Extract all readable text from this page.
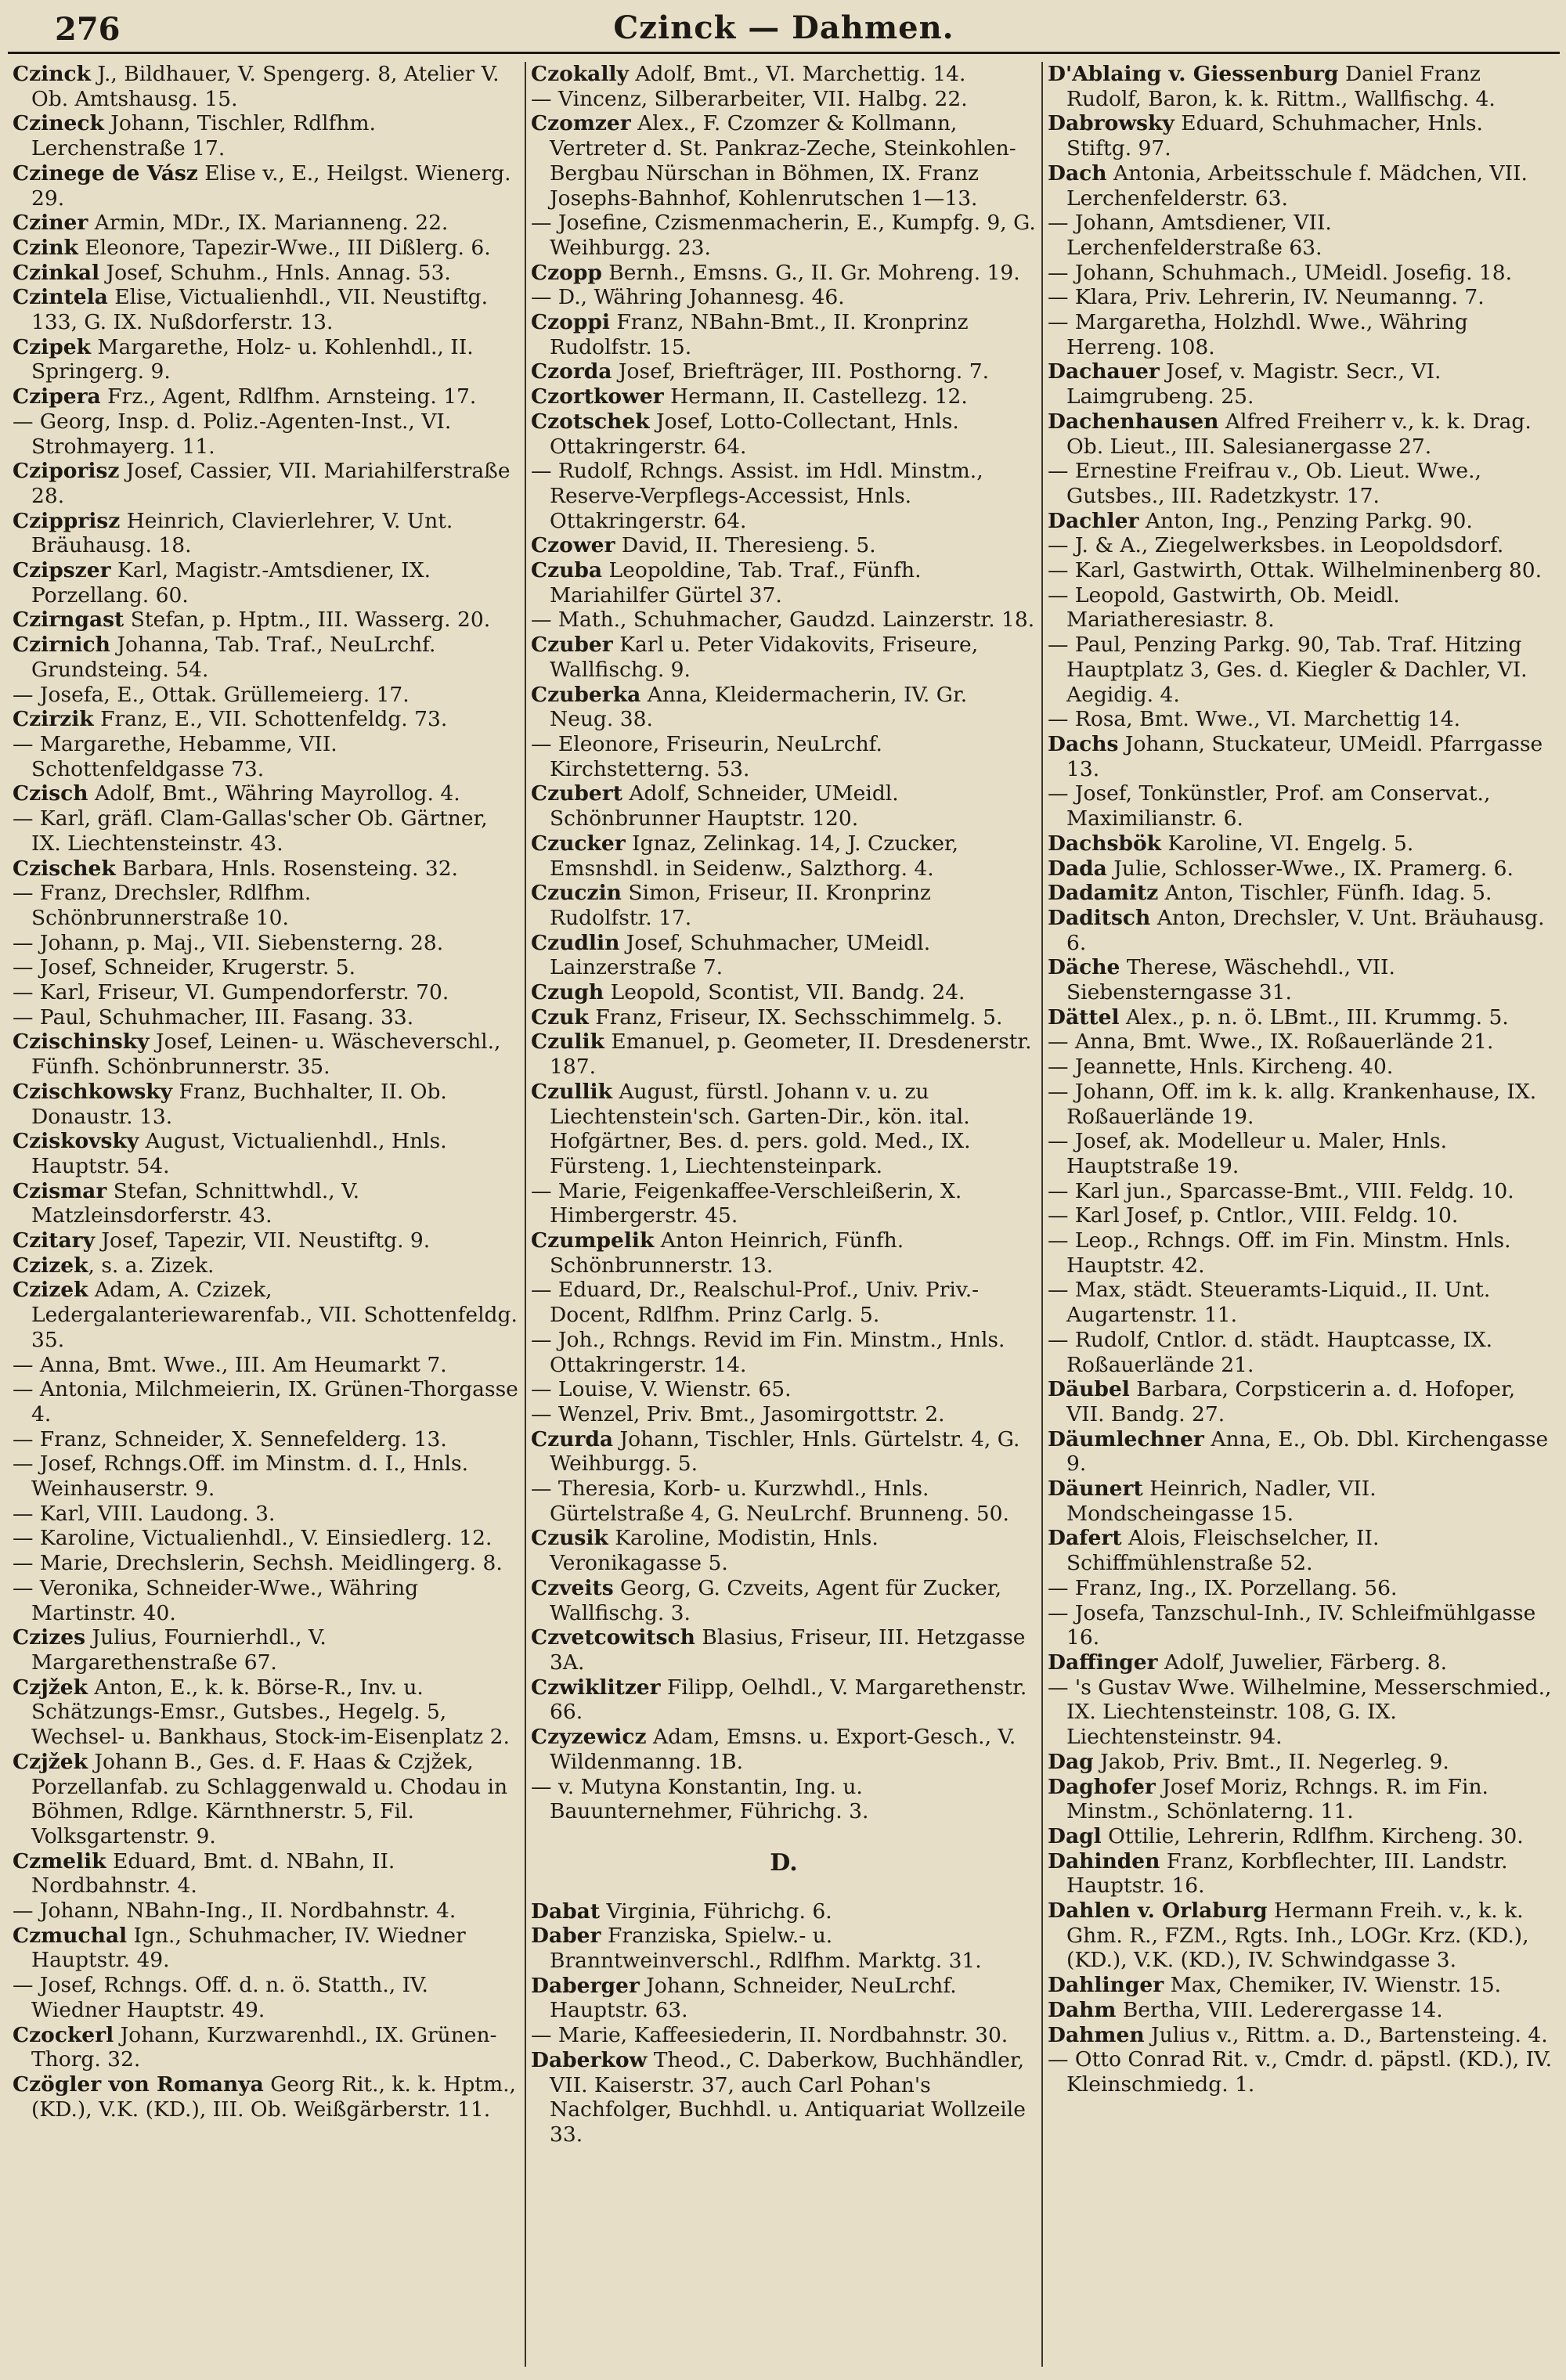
276	Czinck — Dahmen.

Czinck J., Bildhauer, V. Spengerg. 8, Atelier V. Ob. Amtshausg. 15.

Czineck Johann, Tischler, Rdlfhm. Lerchenstraße 17.

Czinege de Vász Elise v., E., Heilgst. Wienerg. 29.

Cziner Armin, MDr., IX. Marianneng. 22.

Czink Eleonore, Tapezir-Wwe., III Dißlerg. 6.

Czinkal Josef, Schuhm., Hnls. Annag. 53.

Czintela Elise, Victualienhdl., VII. Neustiftg. 133, G. IX. Nußdorferstr. 13.

Czipek Margarethe, Holz- u. Kohlenhdl., II. Springerg. 9.

Czipera Frz., Agent, Rdlfhm. Arnsteing. 17.

— Georg, Insp. d. Poliz.-Agenten-Inst., VI. Strohmayerg. 11.

Cziporisz Josef, Cassier, VII. Mariahilferstraße 28.

Czipprisz Heinrich, Clavierlehrer, V. Unt. Bräuhausg. 18.

Czipszer Karl, Magistr.-Amtsdiener, IX. Porzellang. 60.

Czirngast Stefan, p. Hptm., III. Wasserg. 20.

Czirnich Johanna, Tab. Traf., NeuLrchf. Grundsteing. 54.

— Josefa, E., Ottak. Grüllemeierg. 17.

Czirzik Franz, E., VII. Schottenfeldg. 73.

— Margarethe, Hebamme, VII. Schottenfeldgasse 73.

Czisch Adolf, Bmt., Währing Mayrollog. 4.

— Karl, gräfl. Clam-Gallas'scher Ob. Gärtner, IX. Liechtensteinstr. 43.

Czischek Barbara, Hnls. Rosensteing. 32.

— Franz, Drechsler, Rdlfhm. Schönbrunnerstraße 10.

— Johann, p. Maj., VII. Siebensterng. 28.

— Josef, Schneider, Krugerstr. 5.

— Karl, Friseur, VI. Gumpendorferstr. 70.

— Paul, Schuhmacher, III. Fasang. 33.

Czischinsky Josef, Leinen- u. Wäscheverschl., Fünfh. Schönbrunnerstr. 35.

Czischkowsky Franz, Buchhalter, II. Ob. Donaustr. 13.

Cziskovsky August, Victualienhdl., Hnls. Hauptstr. 54.

Czismar Stefan, Schnittwhdl., V. Matzleinsdorferstr. 43.

Czitary Josef, Tapezir, VII. Neustiftg. 9.

Czizek, s. a. Zizek.

Czizek Adam, A. Czizek, Ledergalanteriewarenfab., VII. Schottenfeldg. 35.

— Anna, Bmt. Wwe., III. Am Heumarkt 7.

— Antonia, Milchmeierin, IX. Grünen-Thorgasse 4.

— Franz, Schneider, X. Sennefelderg. 13.

— Josef, Rchngs.Off. im Minstm. d. I., Hnls. Weinhauserstr. 9.

— Karl, VIII. Laudong. 3.

— Karoline, Victualienhdl., V. Einsiedlerg. 12.

— Marie, Drechslerin, Sechsh. Meidlingerg. 8.

— Veronika, Schneider-Wwe., Währing Martinstr. 40.

Czizes Julius, Fournierhdl., V. Margarethenstraße 67.

Czjžek Anton, E., k. k. Börse-R., Inv. u. Schätzungs-Emsr., Gutsbes., Hegelg. 5, Wechsel- u. Bankhaus, Stock-im-Eisenplatz 2.

Czjžek Johann B., Ges. d. F. Haas & Czjžek, Porzellanfab. zu Schlaggenwald u. Chodau in Böhmen, Rdlge. Kärnthnerstr. 5, Fil. Volksgartenstr. 9.

Czmelik Eduard, Bmt. d. NBahn, II. Nordbahnstr. 4.

— Johann, NBahn-Ing., II. Nordbahnstr. 4.

Czmuchal Ign., Schuhmacher, IV. Wiedner Hauptstr. 49.

— Josef, Rchngs. Off. d. n. ö. Statth., IV. Wiedner Hauptstr. 49.

Czockerl Johann, Kurzwarenhdl., IX. Grünen-Thorg. 32.

Czögler von Romanya Georg Rit., k. k. Hptm., (KD.), V.K. (KD.), III. Ob. Weißgärberstr. 11.

Czokally Adolf, Bmt., VI. Marchettig. 14.

— Vincenz, Silberarbeiter, VII. Halbg. 22.

Czomzer Alex., F. Czomzer & Kollmann, Vertreter d. St. Pankraz-Zeche, Steinkohlen-Bergbau Nürschan in Böhmen, IX. Franz Josephs-Bahnhof, Kohlenrutschen 1—13.

— Josefine, Czismenmacherin, E., Kumpfg. 9, G. Weihburgg. 23.

Czopp Bernh., Emsns. G., II. Gr. Mohreng. 19.

— D., Währing Johannesg. 46.

Czoppi Franz, NBahn-Bmt., II. Kronprinz Rudolfstr. 15.

Czorda Josef, Briefträger, III. Posthorng. 7.

Czortkower Hermann, II. Castellezg. 12.

Czotschek Josef, Lotto-Collectant, Hnls. Ottakringerstr. 64.

— Rudolf, Rchngs. Assist. im Hdl. Minstm., Reserve-Verpflegs-Accessist, Hnls. Ottakringerstr. 64.

Czower David, II. Theresieng. 5.

Czuba Leopoldine, Tab. Traf., Fünfh. Mariahilfer Gürtel 37.

— Math., Schuhmacher, Gaudzd. Lainzerstr. 18.

Czuber Karl u. Peter Vidakovits, Friseure, Wallfischg. 9.

Czuberka Anna, Kleidermacherin, IV. Gr. Neug. 38.

— Eleonore, Friseurin, NeuLrchf. Kirchstetterng. 53.

Czubert Adolf, Schneider, UMeidl. Schönbrunner Hauptstr. 120.

Czucker Ignaz, Zelinkag. 14, J. Czucker, Emsnshdl. in Seidenw., Salzthorg. 4.

Czuczin Simon, Friseur, II. Kronprinz Rudolfstr. 17.

Czudlin Josef, Schuhmacher, UMeidl. Lainzerstraße 7.

Czugh Leopold, Scontist, VII. Bandg. 24.

Czuk Franz, Friseur, IX. Sechsschimmelg. 5.

Czulik Emanuel, p. Geometer, II. Dresdenerstr. 187.

Czullik August, fürstl. Johann v. u. zu Liechtenstein'sch. Garten-Dir., kön. ital. Hofgärtner, Bes. d. pers. gold. Med., IX. Fürsteng. 1, Liechtensteinpark.

— Marie, Feigenkaffee-Verschleißerin, X. Himbergerstr. 45.

Czumpelik Anton Heinrich, Fünfh. Schönbrunnerstr. 13.

— Eduard, Dr., Realschul-Prof., Univ. Priv.-Docent, Rdlfhm. Prinz Carlg. 5.

— Joh., Rchngs. Revid im Fin. Minstm., Hnls. Ottakringerstr. 14.

— Louise, V. Wienstr. 65.

— Wenzel, Priv. Bmt., Jasomirgottstr. 2.

Czurda Johann, Tischler, Hnls. Gürtelstr. 4, G. Weihburgg. 5.

— Theresia, Korb- u. Kurzwhdl., Hnls. Gürtelstraße 4, G. NeuLrchf. Brunneng. 50.

Czusik Karoline, Modistin, Hnls. Veronikagasse 5.

Czveits Georg, G. Czveits, Agent für Zucker, Wallfischg. 3.

Czvetcowitsch Blasius, Friseur, III. Hetzgasse 3A.

Czwiklitzer Filipp, Oelhdl., V. Margarethenstr. 66.

Czyzewicz Adam, Emsns. u. Export-Gesch., V. Wildenmanng. 1B.

— v. Mutyna Konstantin, Ing. u. Bauunternehmer, Führichg. 3.

D.

Dabat Virginia, Führichg. 6.

Daber Franziska, Spielw.- u. Branntweinverschl., Rdlfhm. Marktg. 31.

Daberger Johann, Schneider, NeuLrchf. Hauptstr. 63.

— Marie, Kaffeesiederin, II. Nordbahnstr. 30.

Daberkow Theod., C. Daberkow, Buchhändler, VII. Kaiserstr. 37, auch Carl Pohan's Nachfolger, Buchhdl. u. Antiquariat Wollzeile 33.

D'Ablaing v. Giessenburg Daniel Franz Rudolf, Baron, k. k. Rittm., Wallfischg. 4.

Dabrowsky Eduard, Schuhmacher, Hnls. Stiftg. 97.

Dach Antonia, Arbeitsschule f. Mädchen, VII. Lerchenfelderstr. 63.

— Johann, Amtsdiener, VII. Lerchenfelderstraße 63.

— Johann, Schuhmach., UMeidl. Josefig. 18.

— Klara, Priv. Lehrerin, IV. Neumanng. 7.

— Margaretha, Holzhdl. Wwe., Währing Herreng. 108.

Dachauer Josef, v. Magistr. Secr., VI. Laimgrubeng. 25.

Dachenhausen Alfred Freiherr v., k. k. Drag. Ob. Lieut., III. Salesianergasse 27.

— Ernestine Freifrau v., Ob. Lieut. Wwe., Gutsbes., III. Radetzkystr. 17.

Dachler Anton, Ing., Penzing Parkg. 90.

— J. & A., Ziegelwerksbes. in Leopoldsdorf.

— Karl, Gastwirth, Ottak. Wilhelminenberg 80.

— Leopold, Gastwirth, Ob. Meidl. Mariatheresiastr. 8.

— Paul, Penzing Parkg. 90, Tab. Traf. Hitzing Hauptplatz 3, Ges. d. Kiegler & Dachler, VI. Aegidig. 4.

— Rosa, Bmt. Wwe., VI. Marchettig 14.

Dachs Johann, Stuckateur, UMeidl. Pfarrgasse 13.

— Josef, Tonkünstler, Prof. am Conservat., Maximilianstr. 6.

Dachsbök Karoline, VI. Engelg. 5.

Dada Julie, Schlosser-Wwe., IX. Pramerg. 6.

Dadamitz Anton, Tischler, Fünfh. Idag. 5.

Daditsch Anton, Drechsler, V. Unt. Bräuhausg. 6.

Däche Therese, Wäschehdl., VII. Siebensterngasse 31.

Dättel Alex., p. n. ö. LBmt., III. Krummg. 5.

— Anna, Bmt. Wwe., IX. Roßauerlände 21.

— Jeannette, Hnls. Kircheng. 40.

— Johann, Off. im k. k. allg. Krankenhause, IX. Roßauerlände 19.

— Josef, ak. Modelleur u. Maler, Hnls. Hauptstraße 19.

— Karl jun., Sparcasse-Bmt., VIII. Feldg. 10.

— Karl Josef, p. Cntlor., VIII. Feldg. 10.

— Leop., Rchngs. Off. im Fin. Minstm. Hnls. Hauptstr. 42.

— Max, städt. Steueramts-Liquid., II. Unt. Augartenstr. 11.

— Rudolf, Cntlor. d. städt. Hauptcasse, IX. Roßauerlände 21.

Däubel Barbara, Corpsticerin a. d. Hofoper, VII. Bandg. 27.

Däumlechner Anna, E., Ob. Dbl. Kirchengasse 9.

Däunert Heinrich, Nadler, VII. Mondscheingasse 15.

Dafert Alois, Fleischselcher, II. Schiffmühlenstraße 52.

— Franz, Ing., IX. Porzellang. 56.

— Josefa, Tanzschul-Inh., IV. Schleifmühlgasse 16.

Daffinger Adolf, Juwelier, Färberg. 8.

— 's Gustav Wwe. Wilhelmine, Messerschmied., IX. Liechtensteinstr. 108, G. IX. Liechtensteinstr. 94.

Dag Jakob, Priv. Bmt., II. Negerleg. 9.

Daghofer Josef Moriz, Rchngs. R. im Fin. Minstm., Schönlaterng. 11.

Dagl Ottilie, Lehrerin, Rdlfhm. Kircheng. 30.

Dahinden Franz, Korbflechter, III. Landstr. Hauptstr. 16.

Dahlen v. Orlaburg Hermann Freih. v., k. k. Ghm. R., FZM., Rgts. Inh., LOGr. Krz. (KD.), (KD.), V.K. (KD.), IV. Schwindgasse 3.

Dahlinger Max, Chemiker, IV. Wienstr. 15.

Dahm Bertha, VIII. Lederergasse 14.

Dahmen Julius v., Rittm. a. D., Bartensteing. 4.

— Otto Conrad Rit. v., Cmdr. d. päpstl. (KD.), IV. Kleinschmiedg. 1.
